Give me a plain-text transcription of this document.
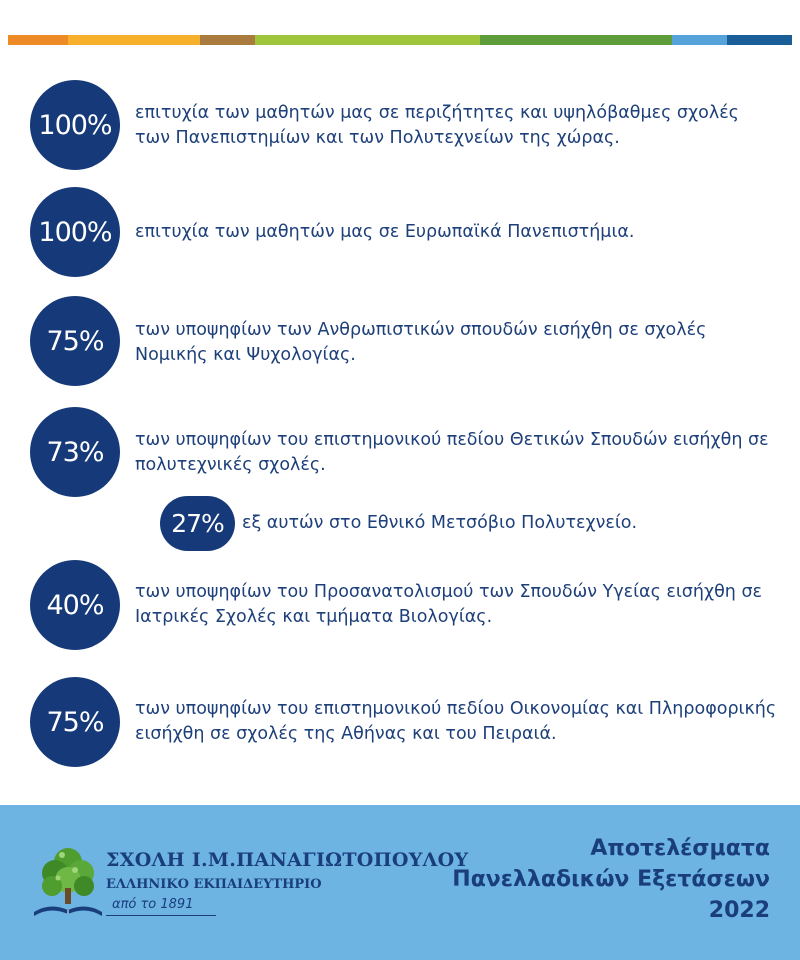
100%	επιτυχία των μαθητών μας σε περιζήτητες και υψηλόβαθμες σχολές
των Πανεπιστημίων και των Πολυτεχνείων της χώρας.
100%	επιτυχία των μαθητών μας σε Ευρωπαϊκά Πανεπιστήμια.
75%	των υποψηφίων των Ανθρωπιστικών σπουδών εισήχθη σε σχολές
Νομικής και Ψυχολογίας.
73%	των υποψηφίων του επιστημονικού πεδίου Θετικών Σπουδών εισήχθη σε
πολυτεχνικές σχολές.
27%	εξ αυτών στο Εθνικό Μετσόβιο Πολυτεχνείο.
40%	των υποψηφίων του Προσανατολισμού των Σπουδών Υγείας εισήχθη σε
Ιατρικές Σχολές και τμήματα Βιολογίας.
75%	των υποψηφίων του επιστημονικού πεδίου Οικονομίας και Πληροφορικής
εισήχθη σε σχολές της Αθήνας και του Πειραιά.
ΣΧΟΛΗ Ι.Μ.ΠΑΝΑΓΙΩΤΟΠΟΥΛΟΥ
ΕΛΛΗΝΙΚΟ ΕΚΠΑΙΔΕΥΤΗΡΙΟ
από το 1891
Αποτελέσματα
Πανελλαδικών Εξετάσεων
2022
